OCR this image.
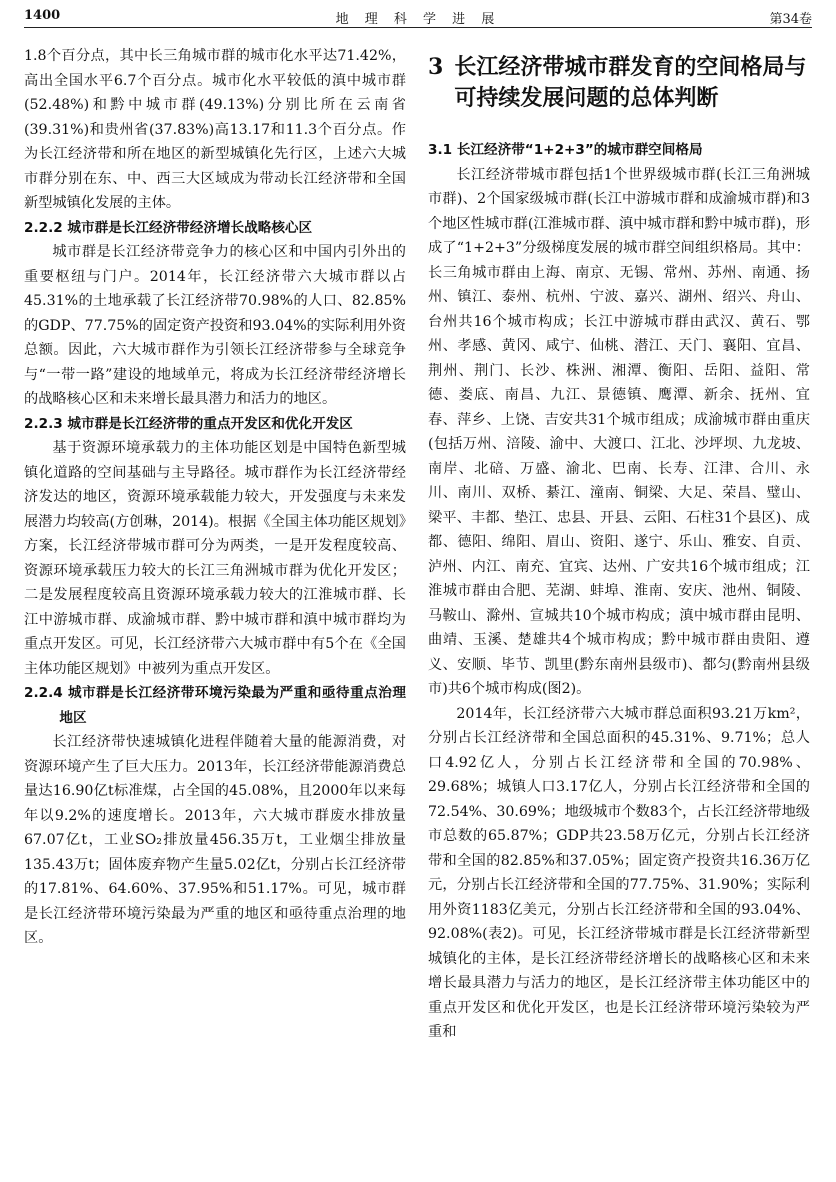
1400	地 理 科 学 进 展	第34卷

1.8个百分点，其中长三角城市群的城市化水平达71.42%，高出全国水平6.7个百分点。城市化水平较低的滇中城市群(52.48%)和黔中城市群(49.13%)分别比所在云南省(39.31%)和贵州省(37.83%)高13.17和11.3个百分点。作为长江经济带和所在地区的新型城镇化先行区，上述六大城市群分别在东、中、西三大区域成为带动长江经济带和全国新型城镇化发展的主体。

2.2.2 城市群是长江经济带经济增长战略核心区

城市群是长江经济带竞争力的核心区和中国内引外出的重要枢纽与门户。2014年，长江经济带六大城市群以占45.31%的土地承载了长江经济带70.98%的人口、82.85%的GDP、77.75%的固定资产投资和93.04%的实际利用外资总额。因此，六大城市群作为引领长江经济带参与全球竞争与“一带一路”建设的地域单元，将成为长江经济带经济增长的战略核心区和未来增长最具潜力和活力的地区。

2.2.3 城市群是长江经济带的重点开发区和优化开发区

基于资源环境承载力的主体功能区划是中国特色新型城镇化道路的空间基础与主导路径。城市群作为长江经济带经济发达的地区，资源环境承载能力较大，开发强度与未来发展潜力均较高(方创琳，2014)。根据《全国主体功能区规划》方案，长江经济带城市群可分为两类，一是开发程度较高、资源环境承载压力较大的长江三角洲城市群为优化开发区；二是发展程度较高且资源环境承载力较大的江淮城市群、长江中游城市群、成渝城市群、黔中城市群和滇中城市群均为重点开发区。可见，长江经济带六大城市群中有5个在《全国主体功能区规划》中被列为重点开发区。

2.2.4 城市群是长江经济带环境污染最为严重和亟待重点治理地区

长江经济带快速城镇化进程伴随着大量的能源消费，对资源环境产生了巨大压力。2013年，长江经济带能源消费总量达16.90亿t标准煤，占全国的45.08%，且2000年以来每年以9.2%的速度增长。2013年，六大城市群废水排放量67.07亿t，工业SO₂排放量456.35万t，工业烟尘排放量135.43万t；固体废弃物产生量5.02亿t，分别占长江经济带的17.81%、64.60%、37.95%和51.17%。可见，城市群是长江经济带环境污染最为严重的地区和亟待重点治理的地区。

3 长江经济带城市群发育的空间格局与可持续发展问题的总体判断

3.1 长江经济带“1+2+3”的城市群空间格局

长江经济带城市群包括1个世界级城市群(长江三角洲城市群)、2个国家级城市群(长江中游城市群和成渝城市群)和3个地区性城市群(江淮城市群、滇中城市群和黔中城市群)，形成了“1+2+3”分级梯度发展的城市群空间组织格局。其中：长三角城市群由上海、南京、无锡、常州、苏州、南通、扬州、镇江、泰州、杭州、宁波、嘉兴、湖州、绍兴、舟山、台州共16个城市构成；长江中游城市群由武汉、黄石、鄂州、孝感、黄冈、咸宁、仙桃、潜江、天门、襄阳、宜昌、荆州、荆门、长沙、株洲、湘潭、衡阳、岳阳、益阳、常德、娄底、南昌、九江、景德镇、鹰潭、新余、抚州、宜春、萍乡、上饶、吉安共31个城市组成；成渝城市群由重庆(包括万州、涪陵、渝中、大渡口、江北、沙坪坝、九龙坡、南岸、北碚、万盛、渝北、巴南、长寿、江津、合川、永川、南川、双桥、綦江、潼南、铜梁、大足、荣昌、璧山、梁平、丰都、垫江、忠县、开县、云阳、石柱31个县区)、成都、德阳、绵阳、眉山、资阳、遂宁、乐山、雅安、自贡、泸州、内江、南充、宜宾、达州、广安共16个城市组成；江淮城市群由合肥、芜湖、蚌埠、淮南、安庆、池州、铜陵、马鞍山、滁州、宣城共10个城市构成；滇中城市群由昆明、曲靖、玉溪、楚雄共4个城市构成；黔中城市群由贵阳、遵义、安顺、毕节、凯里(黔东南州县级市)、都匀(黔南州县级市)共6个城市构成(图2)。

2014年，长江经济带六大城市群总面积93.21万km²，分别占长江经济带和全国总面积的45.31%、9.71%；总人口4.92亿人，分别占长江经济带和全国的70.98%、29.68%；城镇人口3.17亿人，分别占长江经济带和全国的72.54%、30.69%；地级城市个数83个，占长江经济带地级市总数的65.87%；GDP共23.58万亿元，分别占长江经济带和全国的82.85%和37.05%；固定资产投资共16.36万亿元，分别占长江经济带和全国的77.75%、31.90%；实际利用外资1183亿美元，分别占长江经济带和全国的93.04%、92.08%(表2)。可见，长江经济带城市群是长江经济带新型城镇化的主体，是长江经济带经济增长的战略核心区和未来增长最具潜力与活力的地区，是长江经济带主体功能区中的重点开发区和优化开发区，也是长江经济带环境污染较为严重和
